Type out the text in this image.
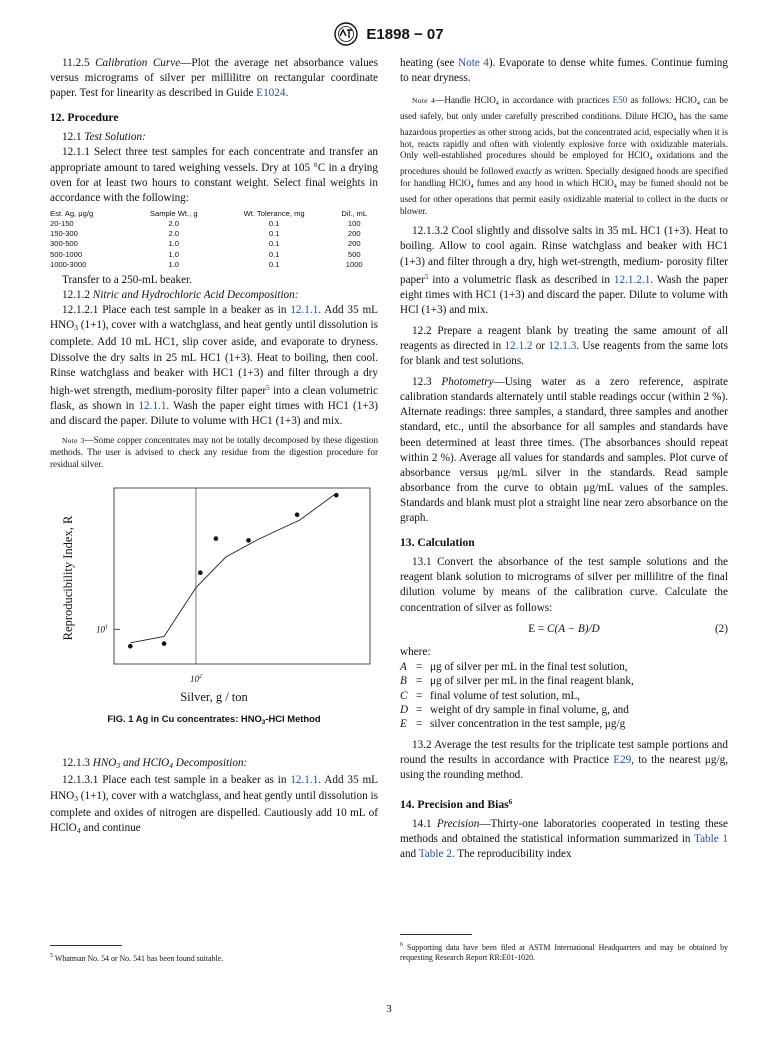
E1898 − 07

11.2.5 Calibration Curve—Plot the average net absorbance values versus micrograms of silver per millilitre on rectangular coordinate paper. Test for linearity as described in Guide E1024.

12. Procedure

12.1 Test Solution:

12.1.1 Select three test samples for each concentrate and transfer an appropriate amount to tared weighing vessels. Dry at 105 °C in a drying oven for at least two hours to constant weight. Select final weights in accordance with the following:

Est. Ag, μg/g	Sample Wt., g	Wt. Tolerance, mg	Dil., mL
20-150	2.0	0.1	100
150-300	2.0	0.1	200
300-500	1.0	0.1	200
500-1000	1.0	0.1	500
1000-3000	1.0	0.1	1000

Transfer to a 250-mL beaker.

12.1.2 Nitric and Hydrochloric Acid Decomposition:

12.1.2.1 Place each test sample in a beaker as in 12.1.1. Add 35 mL $HNO_3$ (1+1), cover with a watchglass, and heat gently until dissolution is complete. Add 10 mL HC1, slip cover aside, and evaporate to dryness. Dissolve the dry salts in 25 mL HC1 (1+3). Heat to boiling, then cool. Rinse watchglass and beaker with HC1 (1+3) and filter through a dry high-wet strength, medium-porosity filter paper$^5$ into a clean volumetric flask, as shown in 12.1.1. Wash the paper eight times with HC1 (1+3) and discard the paper. Dilute to volume with HC1 (1+3) and mix.

Note 3—Some copper concentrates may not be totally decomposed by these digestion methods. The user is advised to check any residue from the digestion procedure for residual silver.

Reproducibility Index, R $10^1$
$10^2$
Silver, g / ton
FIG. 1 Ag in Cu concentrates: $HNO_3$-HCl Method

12.1.3 $HNO_3$ and HClO$_4$ Decomposition:

12.1.3.1 Place each test sample in a beaker as in 12.1.1. Add 35 mL $HNO_3$ (1+1), cover with a watchglass, and heat gently until dissolution is complete and oxides of nitrogen are dispelled. Cautiously add 10 mL of HClO$_4$ and continue

heating (see Note 4). Evaporate to dense white fumes. Continue fuming to near dryness.

Note 4—Handle HClO$_4$ in accordance with practices E50 as follows: HClO$_4$ can be used safely, but only under carefully prescribed conditions. Dilute HClO$_4$ has the same hazardous properties as other strong acids, but the concentrated acid, especially when it is hot, reacts rapidly and often with violently explosive force with oxidizable materials. Only well-established procedures should be employed for HClO$_4$ oxidations and the procedures should be followed exactly as written. Specially designed hoods are specified for handling HClO$_4$ fumes and any hood in which HClO$_4$ may be fumed should not be used for other operations that permit easily oxidizable material to collect in the ducts or blower.

12.1.3.2 Cool slightly and dissolve salts in 35 mL HC1 (1+3). Heat to boiling. Allow to cool again. Rinse watchglass and beaker with HC1 (1+3) and filter through a dry, high wet-strength, medium- porosity filter paper$^5$ into a volumetric flask as described in 12.1.2.1. Wash the paper eight times with HC1 (1+3) and discard the paper. Dilute to volume with HCl (1+3) and mix.

12.2 Prepare a reagent blank by treating the same amount of all reagents as directed in 12.1.2 or 12.1.3. Use reagents from the same lots for blank and test solutions.

12.3 Photometry—Using water as a zero reference, aspirate calibration standards alternately until stable readings occur (within 2 %). Alternate readings: three samples, a standard, three samples and another standard, etc., until the absorbance for all samples and standards have been determined at least three times. (The absorbances should repeat within 2 %). Average all values for standards and samples. Plot curve of absorbance versus μg/mL silver in the standards. Read sample absorbance from the curve to obtain μg/mL values of the samples. Standards and blank must plot a straight line near zero absorbance on the graph.

13. Calculation

13.1 Convert the absorbance of the test sample solutions and the reagent blank solution to micrograms of silver per millilitre of the final dilution volume by means of the calibration curve. Calculate the concentration of silver as follows:

E = C(A − B)/D	(2)

where:

A	=	μg of silver per mL in the final test solution,
B	=	μg of silver per mL in the final reagent blank,
C	=	final volume of test solution, mL,
D	=	weight of dry sample in final volume, g, and
E	=	silver concentration in the test sample, μg/g

13.2 Average the test results for the triplicate test sample portions and round the results in accordance with Practice E29, to the nearest μg/g, using the rounding method.

14. Precision and Bias$^6$

14.1 Precision—Thirty-one laboratories cooperated in testing these methods and obtained the statistical information summarized in Table 1 and Table 2. The reproducibility index

$^5$ Whatman No. 54 or No. 541 has been found suitable.
$^6$ Supporting data have been filed at ASTM International Headquarters and may be obtained by requesting Research Report RR:E01-1020.
3
